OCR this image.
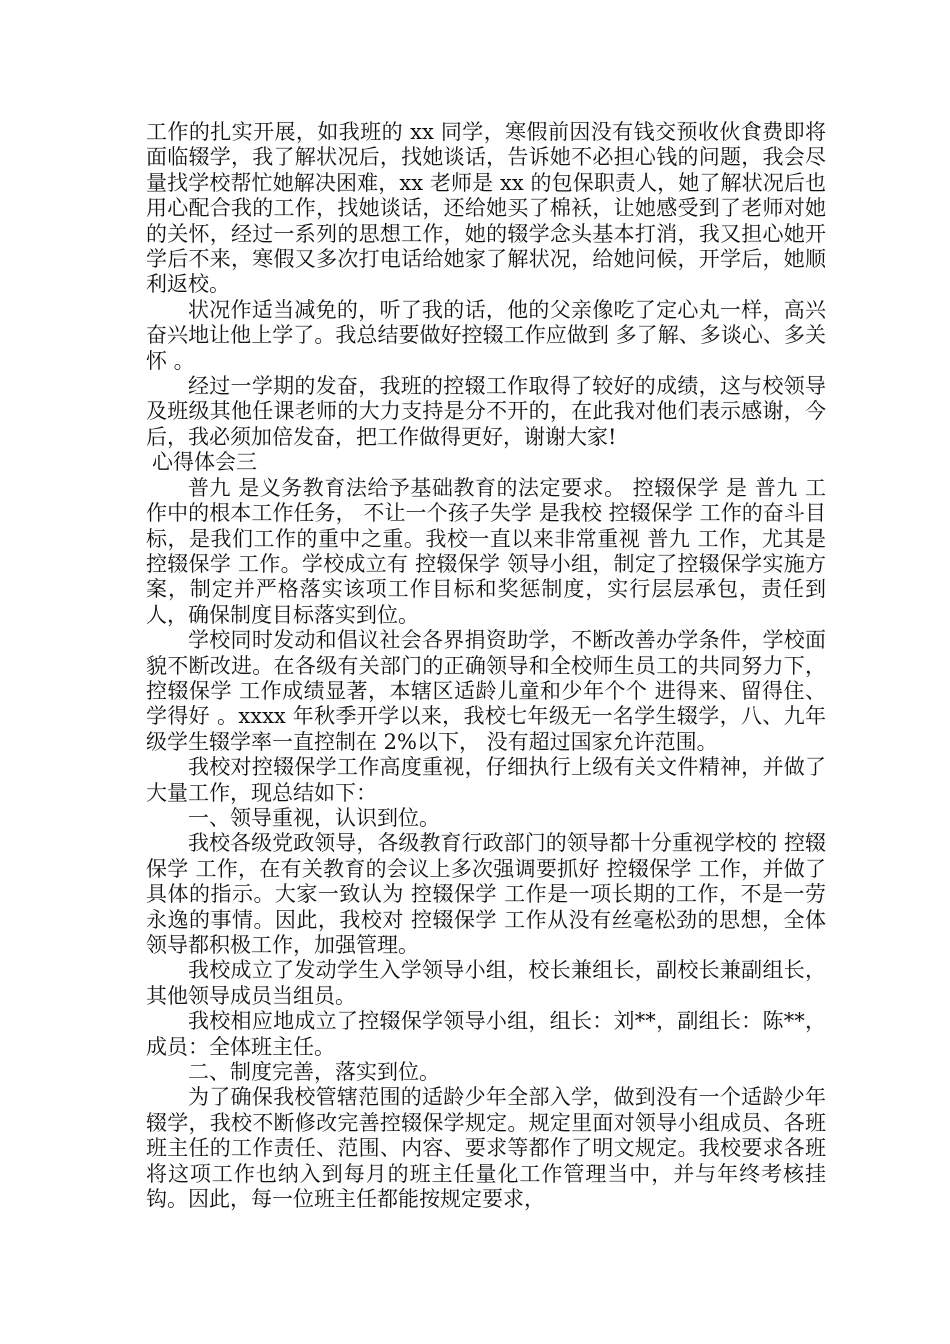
工作的扎实开展，如我班的 xx 同学，寒假前因没有钱交预收伙食费即将面临辍学，我了解状况后，找她谈话，告诉她不必担心钱的问题，我会尽量找学校帮忙她解决困难，xx 老师是 xx 的包保职责人，她了解状况后也用心配合我的工作，找她谈话，还给她买了棉袄，让她感受到了老师对她的关怀，经过一系列的思想工作，她的辍学念头基本打消，我又担心她开学后不来，寒假又多次打电话给她家了解状况，给她问候，开学后，她顺利返校。

状况作适当减免的，听了我的话，他的父亲像吃了定心丸一样，高兴奋兴地让他上学了。我总结要做好控辍工作应做到 多了解、多谈心、多关怀 。

经过一学期的发奋，我班的控辍工作取得了较好的成绩，这与校领导及班级其他任课老师的大力支持是分不开的，在此我对他们表示感谢，今后，我必须加倍发奋，把工作做得更好，谢谢大家!

心得体会三

普九 是义务教育法给予基础教育的法定要求。 控辍保学 是 普九 工作中的根本工作任务， 不让一个孩子失学 是我校 控辍保学 工作的奋斗目标，是我们工作的重中之重。我校一直以来非常重视 普九 工作，尤其是 控辍保学 工作。学校成立有 控辍保学 领导小组，制定了控辍保学实施方案，制定并严格落实该项工作目标和奖惩制度，实行层层承包，责任到人，确保制度目标落实到位。

学校同时发动和倡议社会各界捐资助学，不断改善办学条件，学校面貌不断改进。在各级有关部门的正确领导和全校师生员工的共同努力下， 控辍保学 工作成绩显著，本辖区适龄儿童和少年个个 进得来、留得住、学得好 。xxxx 年秋季开学以来，我校七年级无一名学生辍学，八、九年级学生辍学率一直控制在 2%以下， 没有超过国家允许范围。

我校对控辍保学工作高度重视，仔细执行上级有关文件精神，并做了大量工作，现总结如下：

一、领导重视，认识到位。

我校各级党政领导，各级教育行政部门的领导都十分重视学校的 控辍保学 工作，在有关教育的会议上多次强调要抓好 控辍保学 工作，并做了具体的指示。大家一致认为 控辍保学 工作是一项长期的工作，不是一劳永逸的事情。因此，我校对 控辍保学 工作从没有丝毫松劲的思想，全体领导都积极工作，加强管理。

我校成立了发动学生入学领导小组，校长兼组长，副校长兼副组长，其他领导成员当组员。

我校相应地成立了控辍保学领导小组，组长：刘**，副组长：陈**，成员：全体班主任。

二、制度完善，落实到位。

为了确保我校管辖范围的适龄少年全部入学，做到没有一个适龄少年辍学，我校不断修改完善控辍保学规定。规定里面对领导小组成员、各班班主任的工作责任、范围、内容、要求等都作了明文规定。我校要求各班将这项工作也纳入到每月的班主任量化工作管理当中，并与年终考核挂钩。因此，每一位班主任都能按规定要求，
